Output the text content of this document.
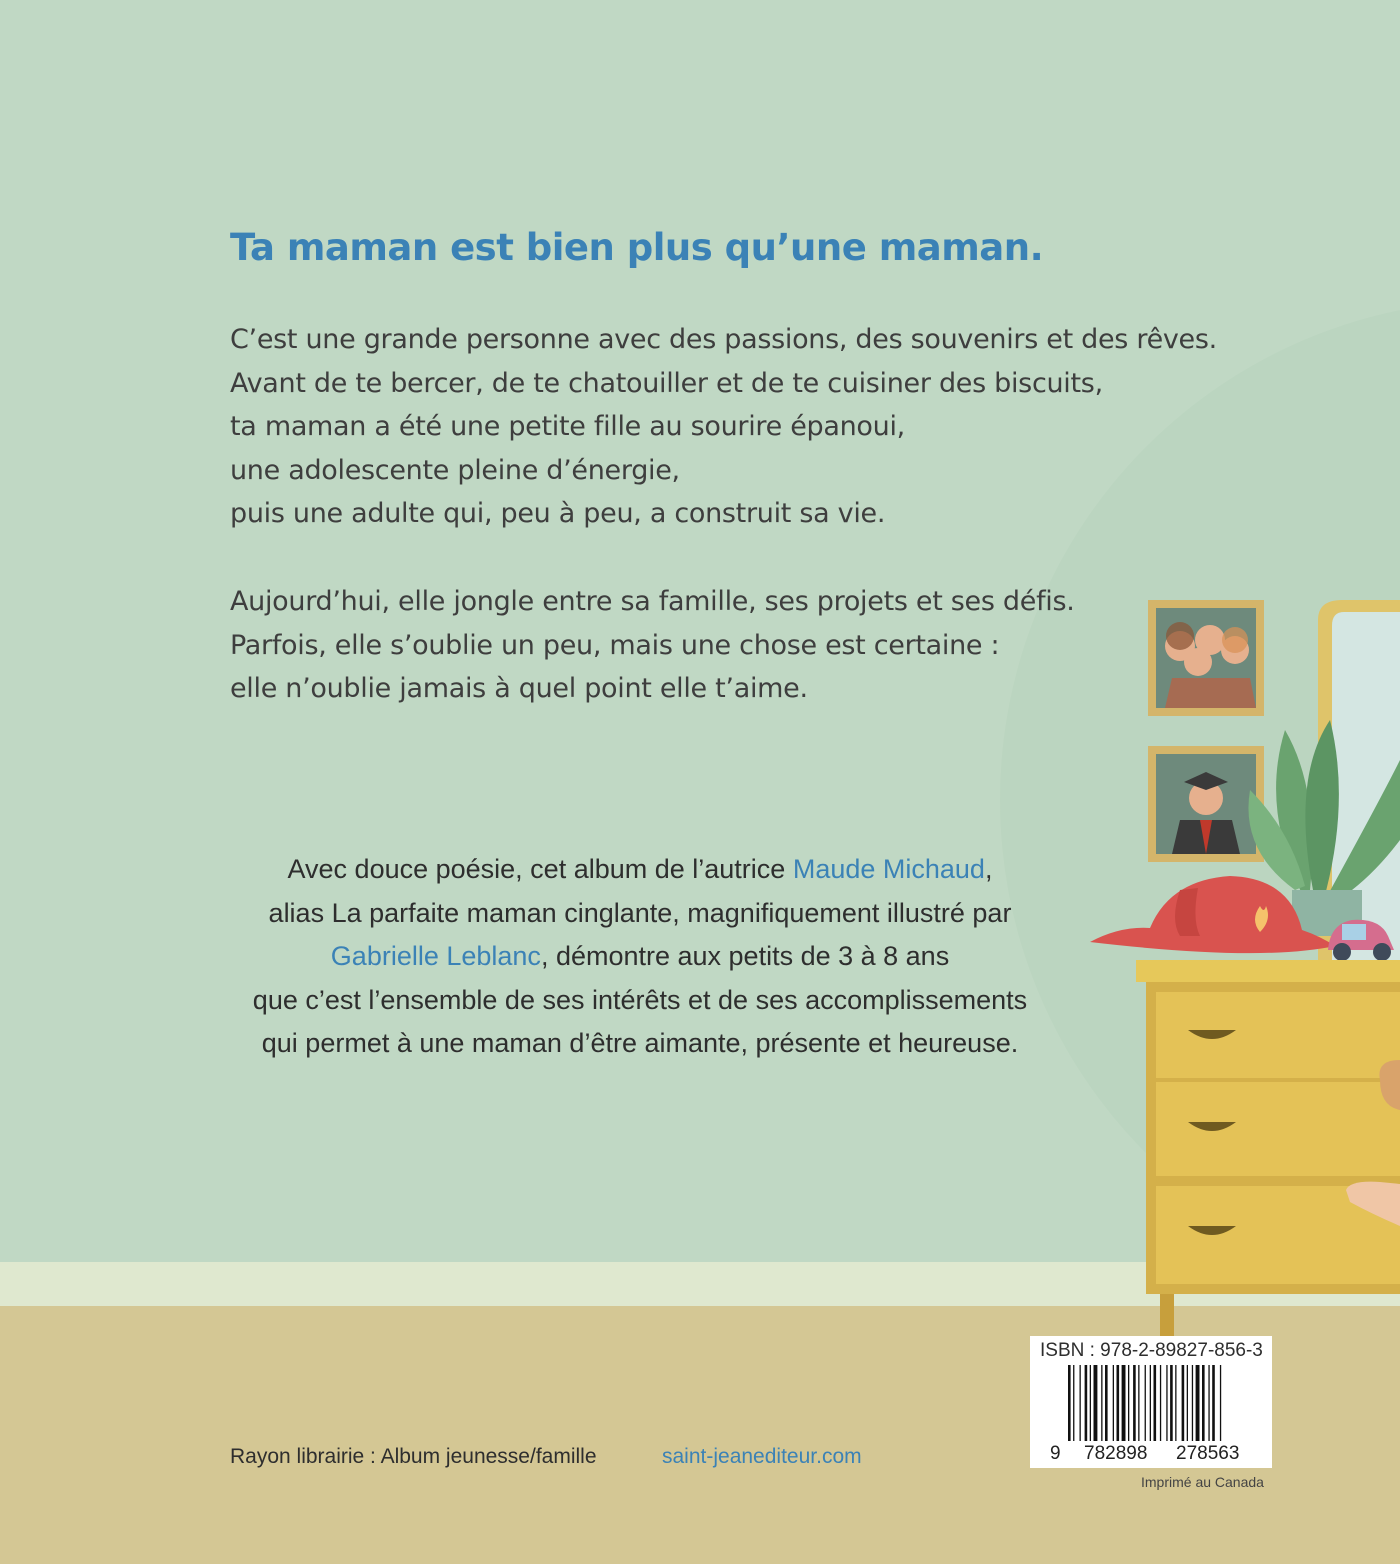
Ta maman est bien plus qu’une maman.
C’est une grande personne avec des passions, des souvenirs et des rêves.
Avant de te bercer, de te chatouiller et de te cuisiner des biscuits,
ta maman a été une petite fille au sourire épanoui,
une adolescente pleine d’énergie,
puis une adulte qui, peu à peu, a construit sa vie.
Aujourd’hui, elle jongle entre sa famille, ses projets et ses défis.
Parfois, elle s’oublie un peu, mais une chose est certaine :
elle n’oublie jamais à quel point elle t’aime.
Avec douce poésie, cet album de l’autrice Maude Michaud,
alias La parfaite maman cinglante, magnifiquement illustré par
Gabrielle Leblanc, démontre aux petits de 3 à 8 ans
que c’est l’ensemble de ses intérêts et de ses accomplissements
qui permet à une maman d’être aimante, présente et heureuse.
Rayon librairie : Album jeunesse/famille	saint-jeanediteur.com
ISBN : 978-2-89827-856-3
9 782898 278563
Imprimé au Canada
